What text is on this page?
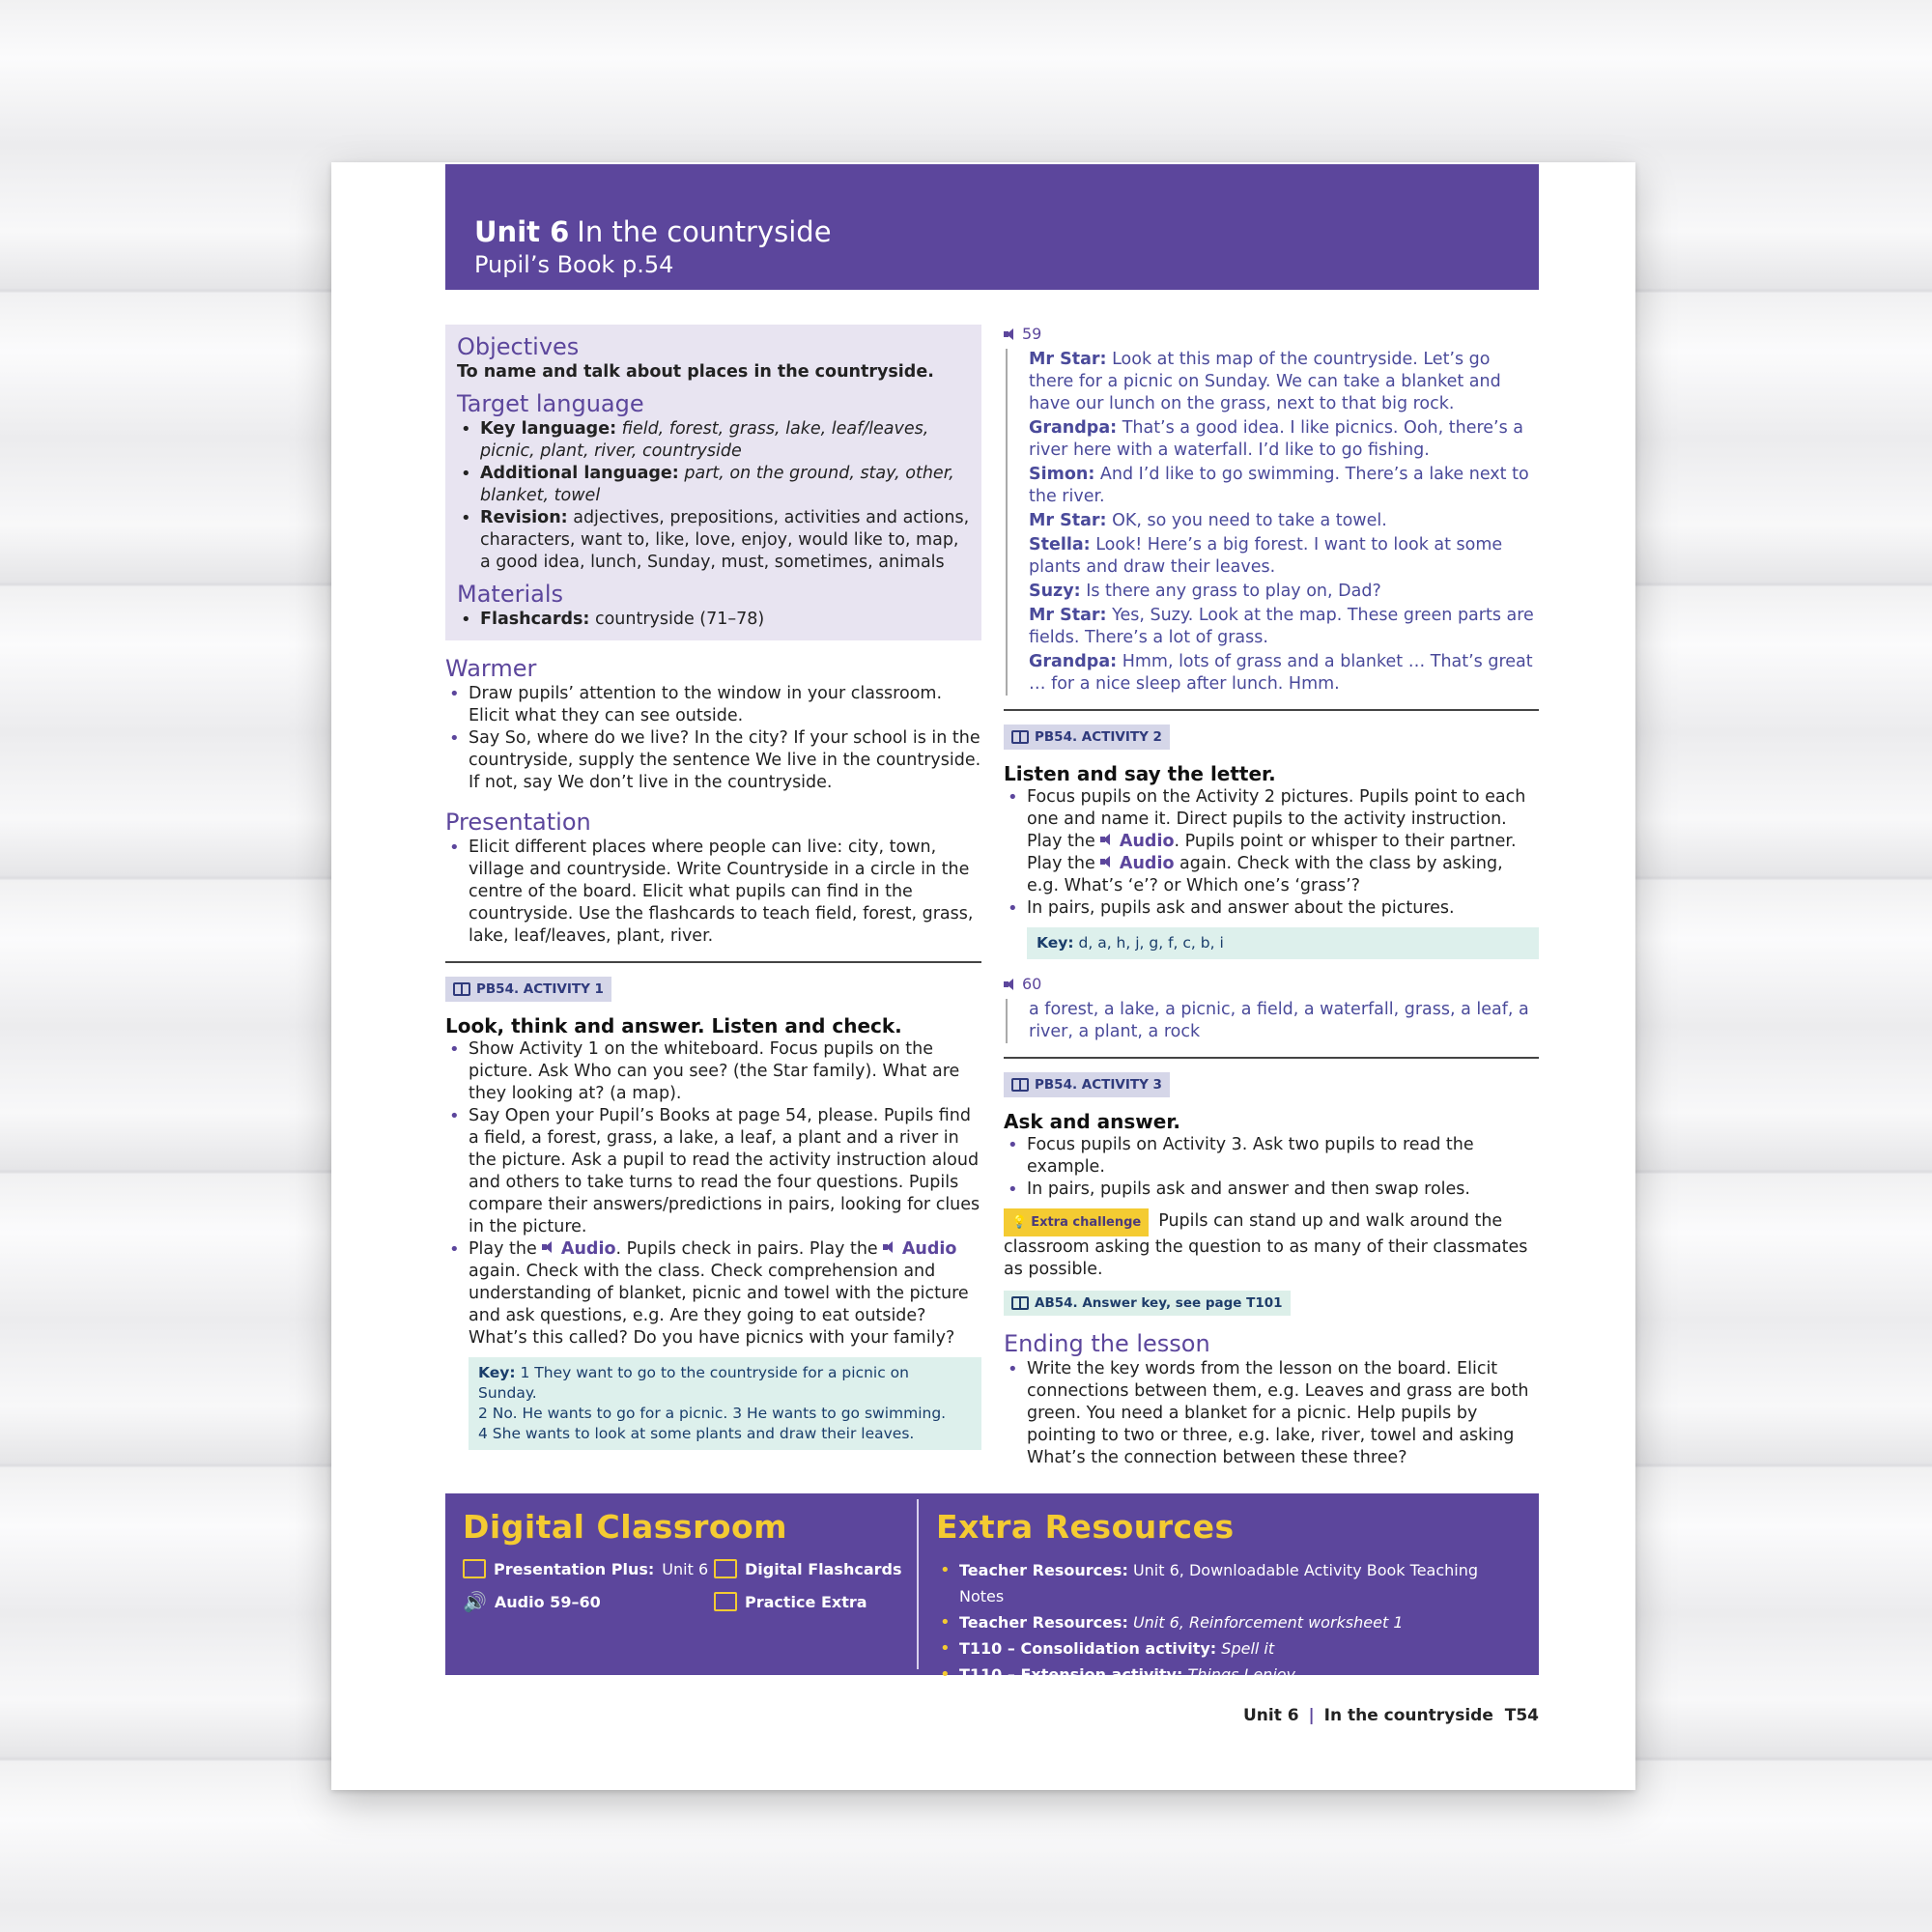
Unit 6 In the countryside
Pupil’s Book p.54
Objectives

To name and talk about places in the countryside.

Target language
• Key language: field, forest, grass, lake, leaf/leaves, picnic, plant, river, countryside
• Additional language: part, on the ground, stay, other, blanket, towel
• Revision: adjectives, prepositions, activities and actions, characters, want to, like, love, enjoy, would like to, map, a good idea, lunch, Sunday, must, sometimes, animals
Materials
• Flashcards: countryside (71–78)
Warmer
• Draw pupils’ attention to the window in your classroom. Elicit what they can see outside.
• Say So, where do we live? In the city? If your school is in the countryside, supply the sentence We live in the countryside. If not, say We don’t live in the countryside.
Presentation
• Elicit different places where people can live: city, town, village and countryside. Write Countryside in a circle in the centre of the board. Elicit what pupils can find in the countryside. Use the flashcards to teach field, forest, grass, lake, leaf/leaves, plant, river.
PB54. ACTIVITY 1
Look, think and answer. Listen and check.
• Show Activity 1 on the whiteboard. Focus pupils on the picture. Ask Who can you see? (the Star family). What are they looking at? (a map).
• Say Open your Pupil’s Books at page 54, please. Pupils find a field, a forest, grass, a lake, a leaf, a plant and a river in the picture. Ask a pupil to read the activity instruction aloud and others to take turns to read the four questions. Pupils compare their answers/predictions in pairs, looking for clues in the picture.
• Play the  Audio. Pupils check in pairs. Play the  Audio again. Check with the class. Check comprehension and understanding of blanket, picnic and towel with the picture and ask questions, e.g. Are they going to eat outside? What’s this called? Do you have picnics with your family?

Key: 1 They want to go to the countryside for a picnic on Sunday.

2 No. He wants to go for a picnic. 3 He wants to go swimming.

4 She wants to look at some plants and draw their leaves.

59

Mr Star: Look at this map of the countryside. Let’s go there for a picnic on Sunday. We can take a blanket and have our lunch on the grass, next to that big rock.

Grandpa: That’s a good idea. I like picnics. Ooh, there’s a river here with a waterfall. I’d like to go fishing.

Simon: And I’d like to go swimming. There’s a lake next to the river.

Mr Star: OK, so you need to take a towel.

Stella: Look! Here’s a big forest. I want to look at some plants and draw their leaves.

Suzy: Is there any grass to play on, Dad?

Mr Star: Yes, Suzy. Look at the map. These green parts are fields. There’s a lot of grass.

Grandpa: Hmm, lots of grass and a blanket … That’s great … for a nice sleep after lunch. Hmm.

PB54. ACTIVITY 2
Listen and say the letter.
• Focus pupils on the Activity 2 pictures. Pupils point to each one and name it. Direct pupils to the activity instruction. Play the  Audio. Pupils point or whisper to their partner. Play the  Audio again. Check with the class by asking, e.g. What’s ‘e’? or Which one’s ‘grass’?
• In pairs, pupils ask and answer about the pictures.

Key: d, a, h, j, g, f, c, b, i

60

a forest, a lake, a picnic, a field, a waterfall, grass, a leaf, a river, a plant, a rock

PB54. ACTIVITY 3
Ask and answer.
• Focus pupils on Activity 3. Ask two pupils to read the example.
• In pairs, pupils ask and answer and then swap roles.

💡 Extra challenge Pupils can stand up and walk around the classroom asking the question to as many of their classmates as possible.

AB54. Answer key, see page T101
Ending the lesson
• Write the key words from the lesson on the board. Elicit connections between them, e.g. Leaves and grass are both green. You need a blanket for a picnic. Help pupils by pointing to two or three, e.g. lake, river, towel and asking What’s the connection between these three?
Digital Classroom
Presentation Plus: Unit 6 Digital Flashcards
🔊 Audio 59–60	Practice Extra
Extra Resources
• Teacher Resources: Unit 6, Downloadable Activity Book Teaching Notes
• Teacher Resources: Unit 6, Reinforcement worksheet 1
• T110 – Consolidation activity: Spell it
• T110 – Extension activity: Things I enjoy
Unit 6 | In the countryside T54
